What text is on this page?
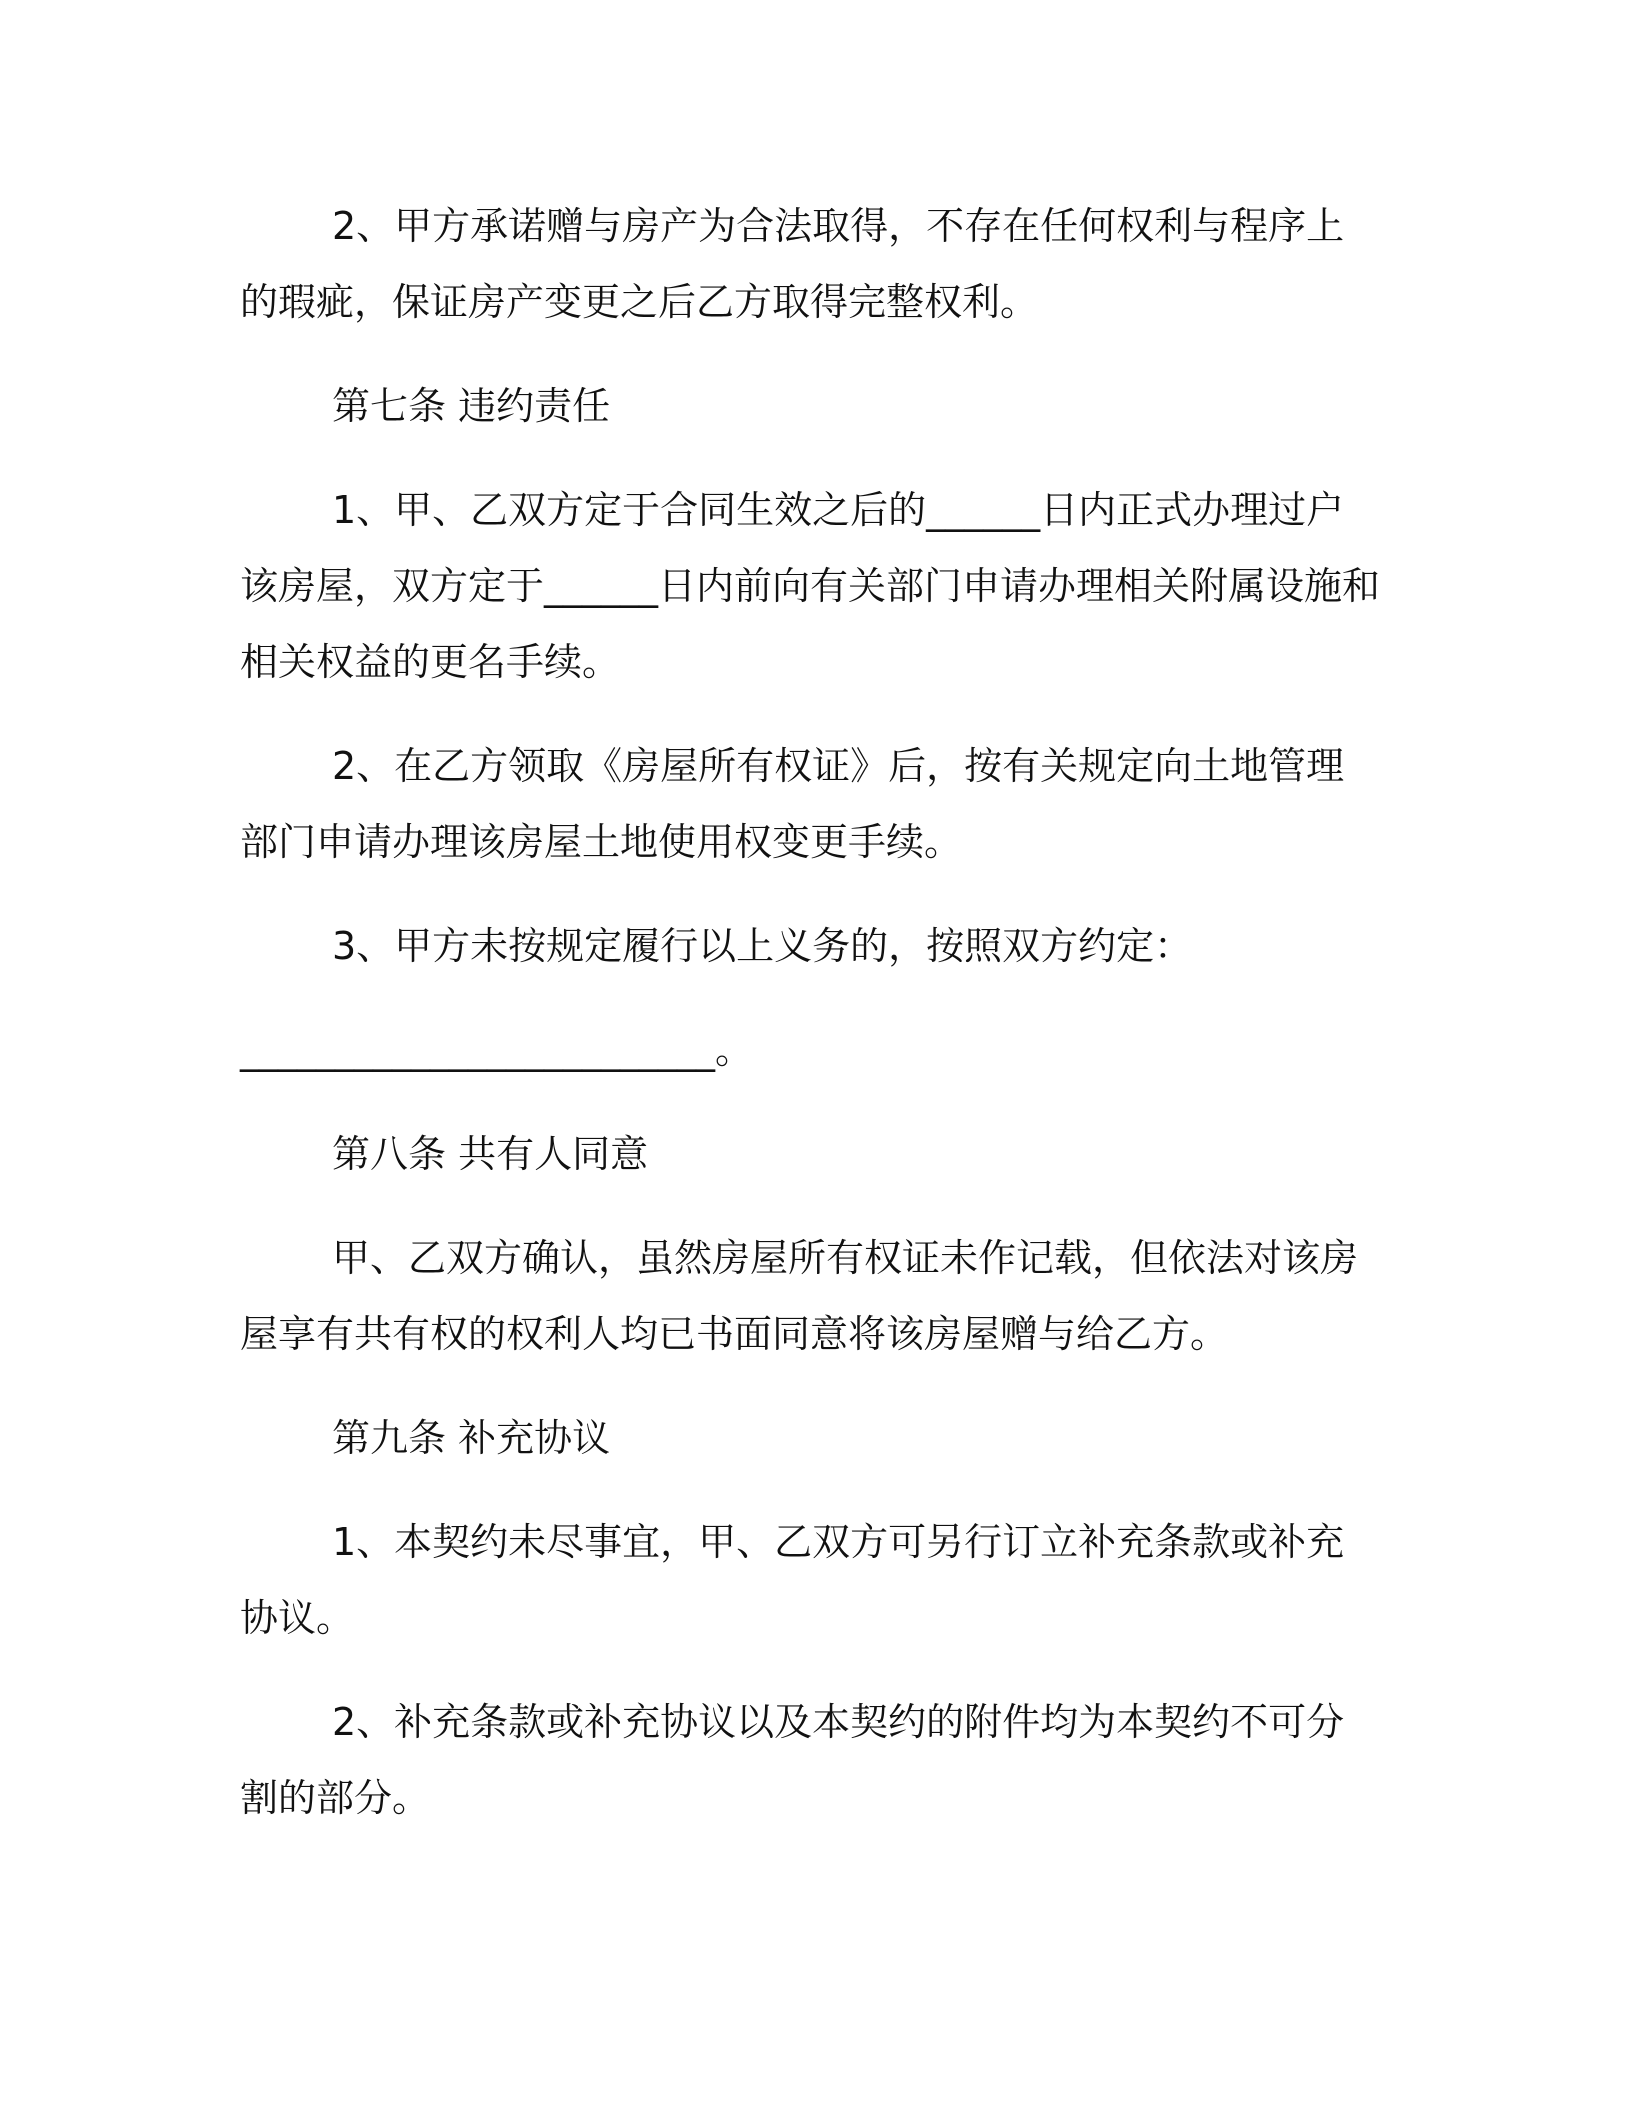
2、甲方承诺赠与房产为合法取得，不存在任何权利与程序上的瑕疵，保证房产变更之后乙方取得完整权利。

第七条 违约责任

1、甲、乙双方定于合同生效之后的______日内正式办理过户该房屋，双方定于______日内前向有关部门申请办理相关附属设施和相关权益的更名手续。

2、在乙方领取《房屋所有权证》后，按有关规定向土地管理部门申请办理该房屋土地使用权变更手续。

3、甲方未按规定履行以上义务的，按照双方约定：

_________________________。

第八条 共有人同意

甲、乙双方确认，虽然房屋所有权证未作记载，但依法对该房屋享有共有权的权利人均已书面同意将该房屋赠与给乙方。

第九条 补充协议

1、本契约未尽事宜，甲、乙双方可另行订立补充条款或补充协议。

2、补充条款或补充协议以及本契约的附件均为本契约不可分割的部分。
